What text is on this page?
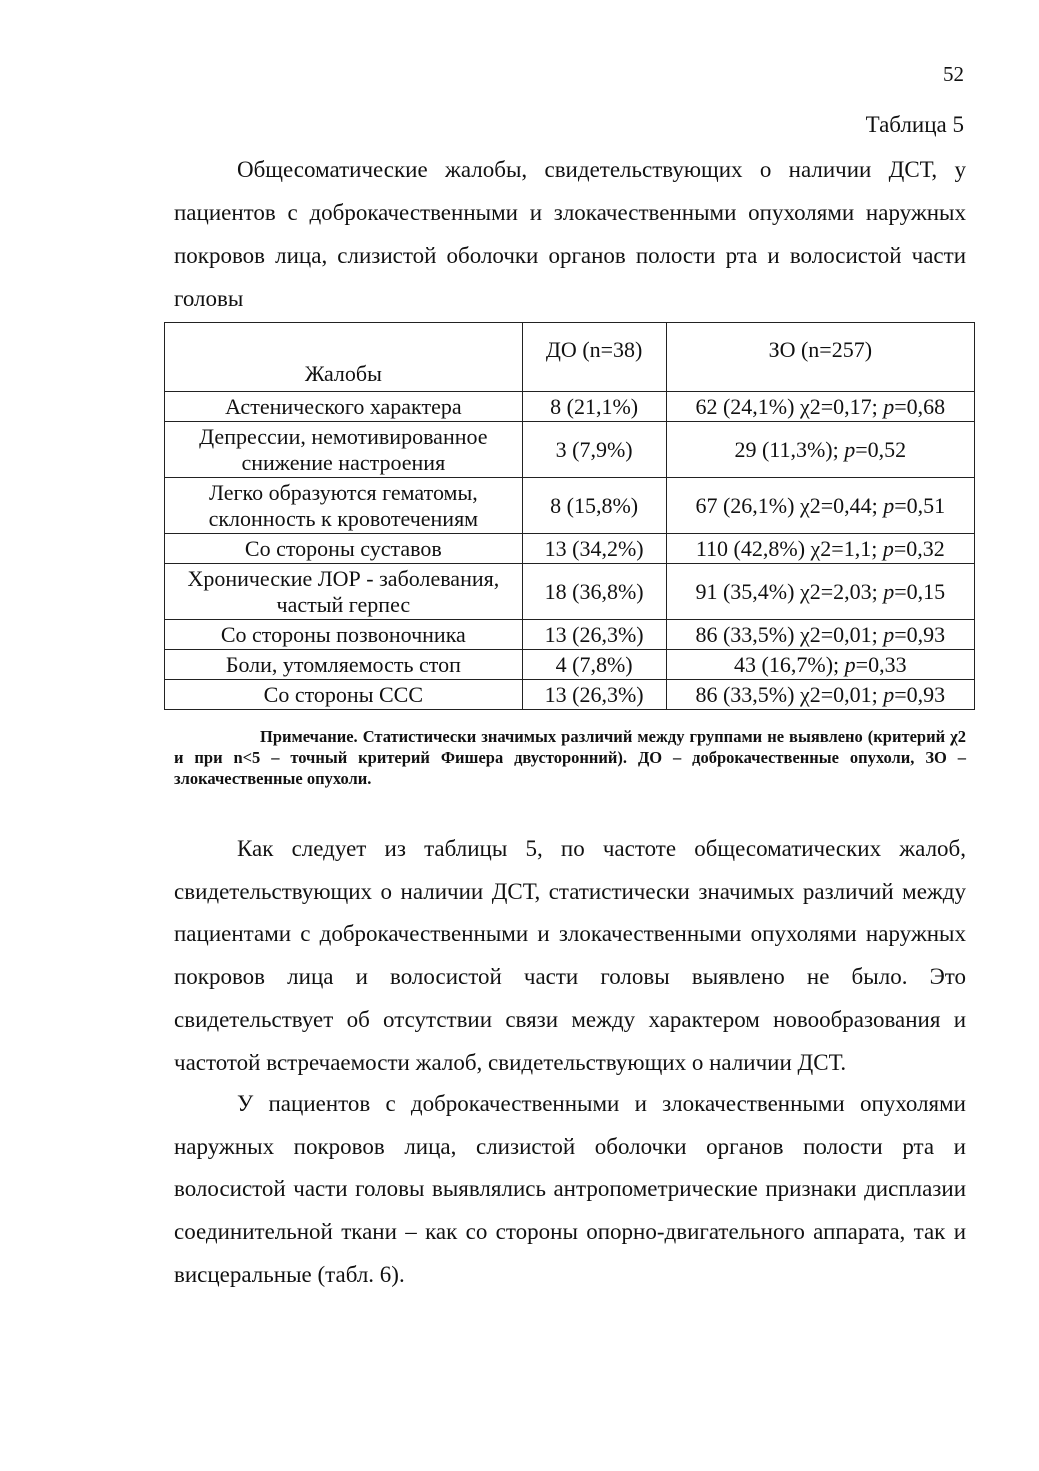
52
Таблица 5

Общесоматические жалобы, свидетельствующих о наличии ДСТ, у пациентов с доброкачественными и злокачественными опухолями наружных покровов лица, слизистой оболочки органов полости рта и волосистой части головы

Жалобы	ДО (n=38)	ЗО (n=257)
Астенического характера	8 (21,1%)	62 (24,1%) χ2=0,17; p=0,68
Депрессии, немотивированное снижение настроения	3 (7,9%)	29 (11,3%); p=0,52
Легко образуются гематомы, склонность к кровотечениям	8 (15,8%)	67 (26,1%) χ2=0,44; p=0,51
Со стороны суставов	13 (34,2%)	110 (42,8%) χ2=1,1; p=0,32
Хронические ЛОР - заболевания, частый герпес	18 (36,8%)	91 (35,4%) χ2=2,03; p=0,15
Со стороны позвоночника	13 (26,3%)	86 (33,5%) χ2=0,01; p=0,93
Боли, утомляемость стоп	4 (7,8%)	43 (16,7%); p=0,33
Со стороны ССС	13 (26,3%)	86 (33,5%) χ2=0,01; p=0,93

Примечание. Статистически значимых различий между группами не выявлено (критерий χ2 и при n<5 – точный критерий Фишера двусторонний). ДО – доброкачественные опухоли, ЗО – злокачественные опухоли.

Как следует из таблицы 5, по частоте общесоматических жалоб, свидетельствующих о наличии ДСТ, статистически значимых различий между пациентами с доброкачественными и злокачественными опухолями наружных покровов лица и волосистой части головы выявлено не было. Это свидетельствует об отсутствии связи между характером новообразования и частотой встречаемости жалоб, свидетельствующих о наличии ДСТ.

У пациентов с доброкачественными и злокачественными опухолями наружных покровов лица, слизистой оболочки органов полости рта и волосистой части головы выявлялись антропометрические признаки дисплазии соединительной ткани – как со стороны опорно-двигательного аппарата, так и висцеральные (табл. 6).
